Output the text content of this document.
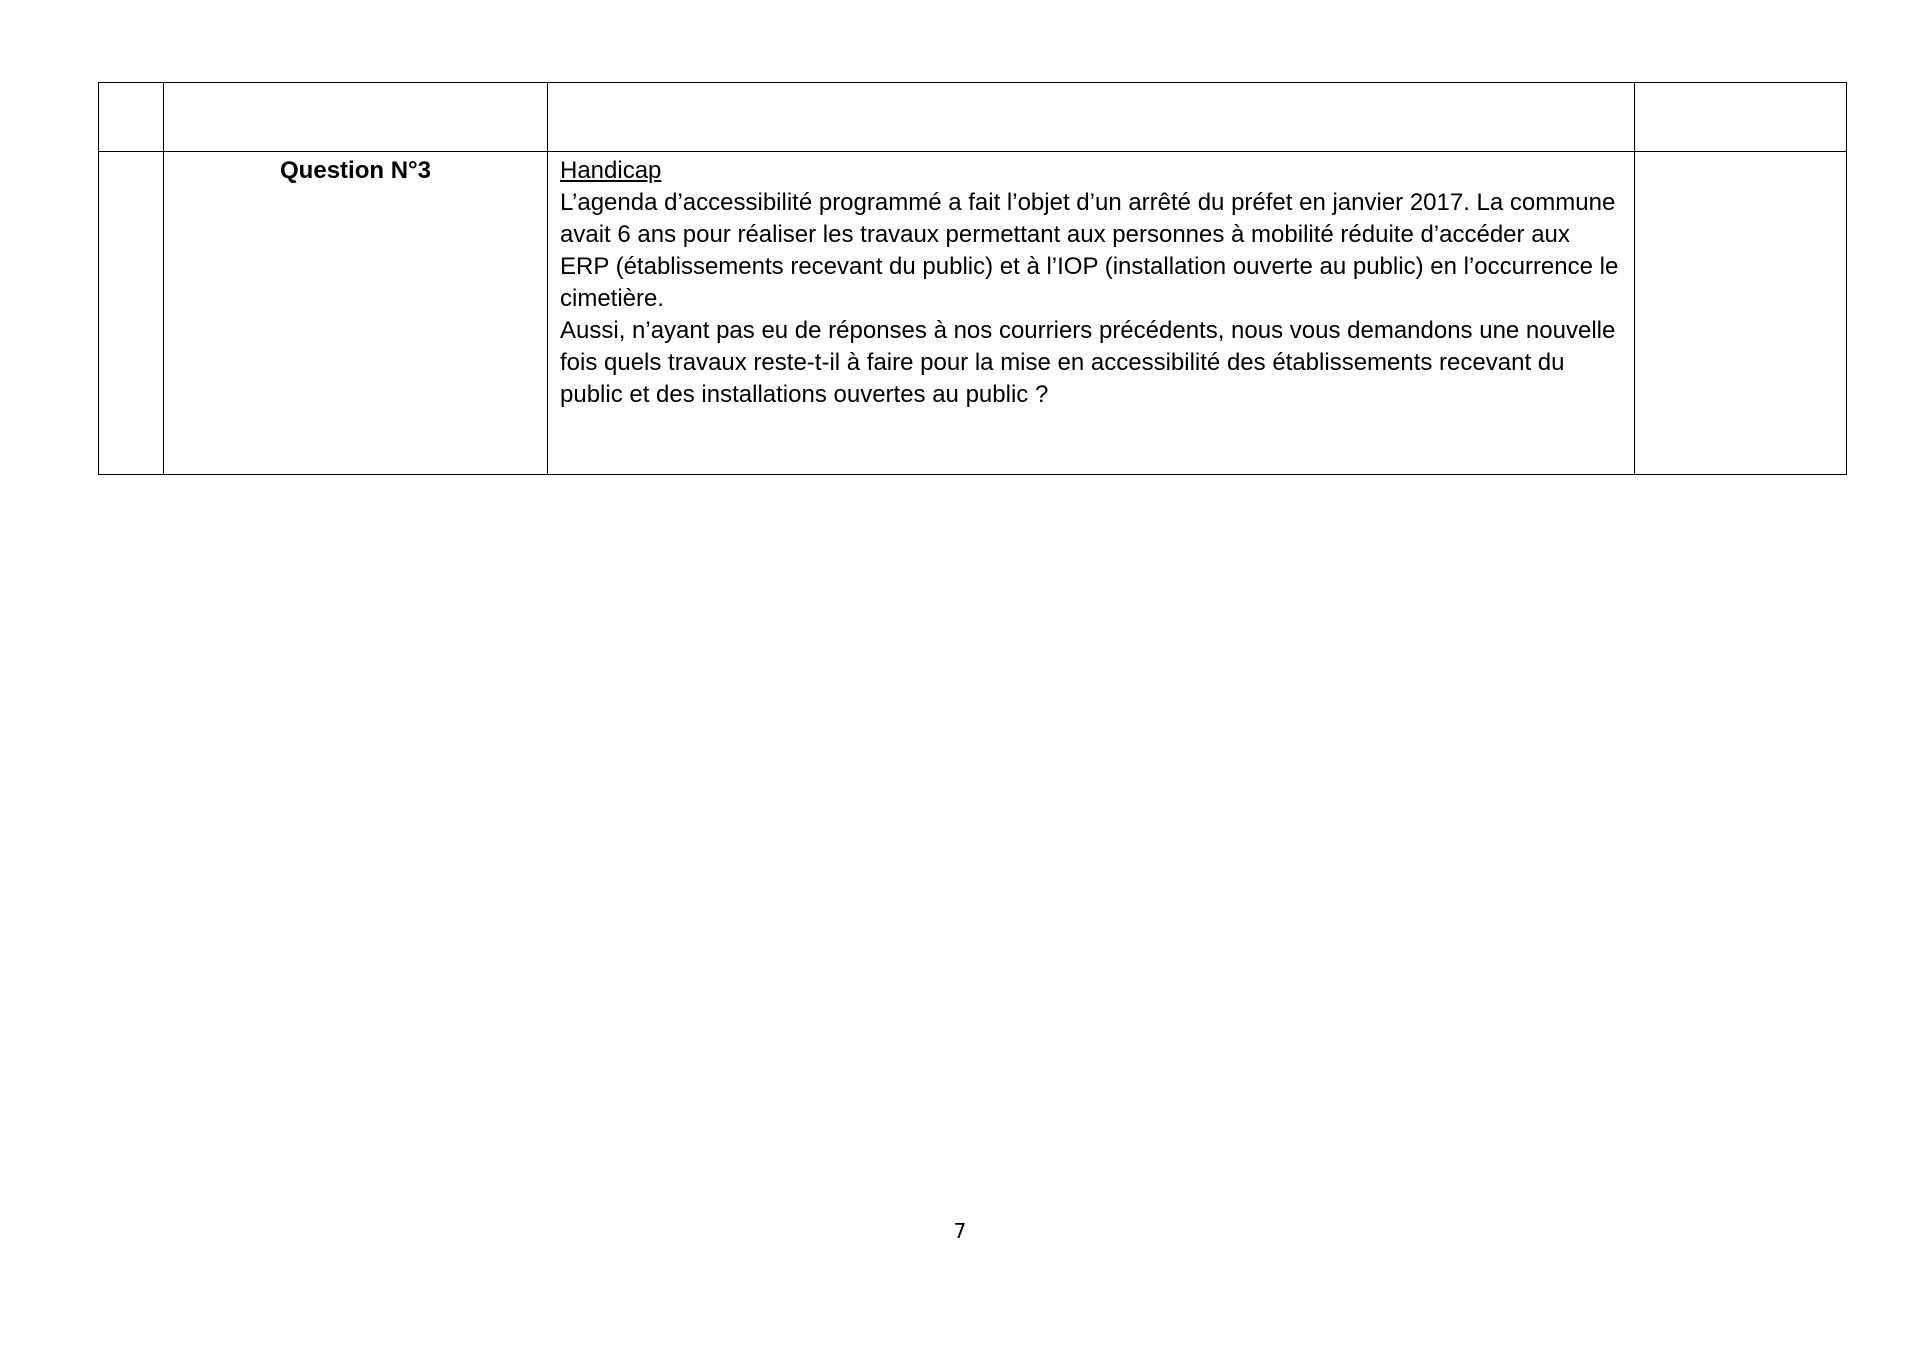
	Question N°3	Handicap

L’agenda d’accessibilité programmé a fait l’objet d’un arrêté du préfet en janvier 2017. La commune avait 6 ans pour réaliser les travaux permettant aux personnes à mobilité réduite d’accéder aux ERP (établissements recevant du public) et à l’IOP (installation ouverte au public) en l’occurrence le cimetière.

Aussi, n’ayant pas eu de réponses à nos courriers précédents, nous vous demandons une nouvelle fois quels travaux reste-t-il à faire pour la mise en accessibilité des établissements recevant du public et des installations ouvertes au public ?	

7
